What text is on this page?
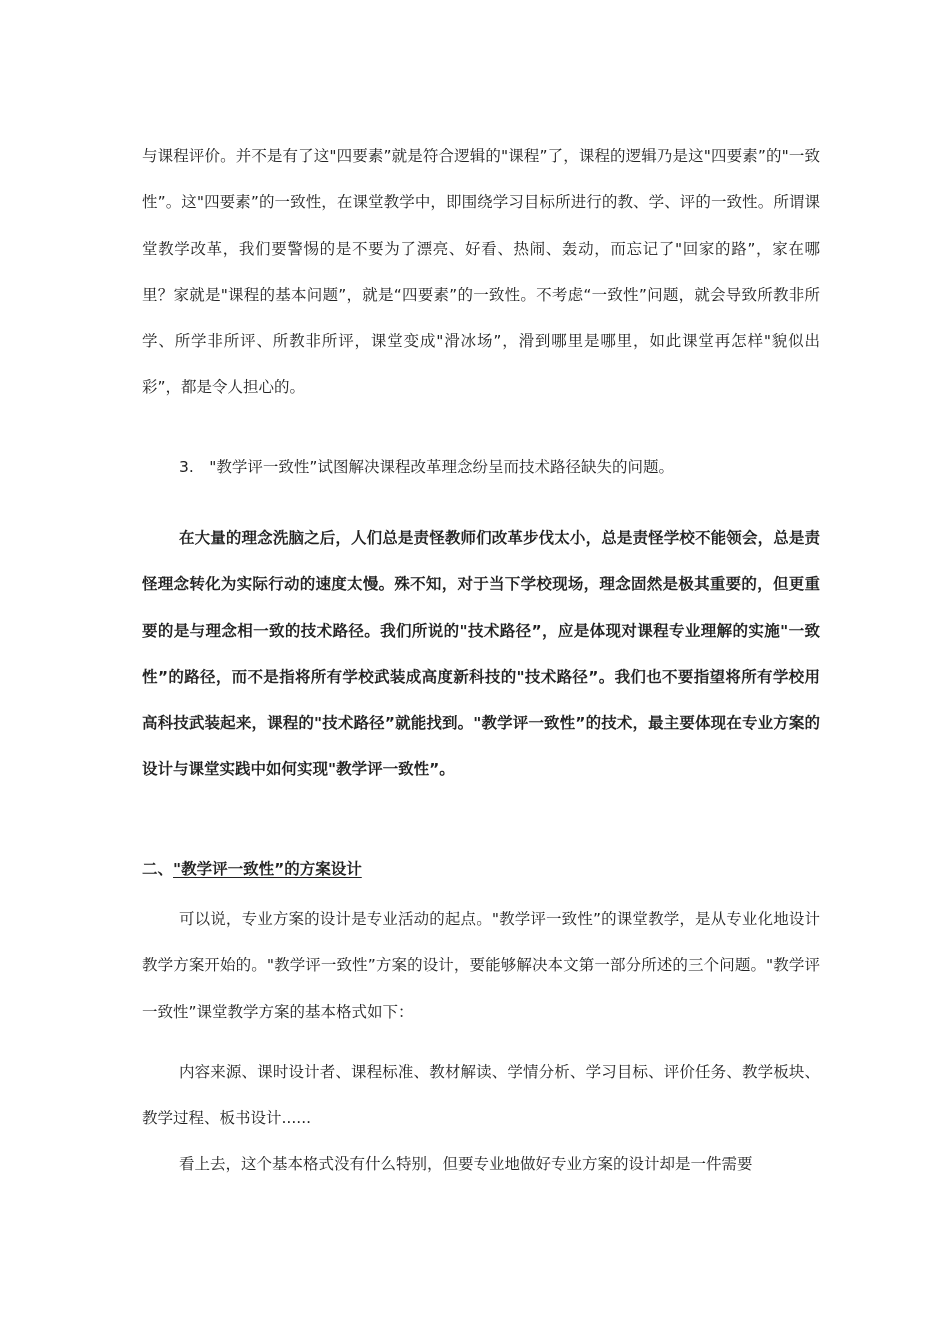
与课程评价。并不是有了这"四要素”就是符合逻辑的"课程”了，课程的逻辑乃是这"四要素”的"一致性”。这"四要素”的一致性，在课堂教学中，即围绕学习目标所进行的教、学、评的一致性。所谓课堂教学改革，我们要警惕的是不要为了漂亮、好看、热闹、轰动，而忘记了"回家的路”，家在哪里？家就是"课程的基本问题”，就是“四要素”的一致性。不考虑“一致性”问题，就会导致所教非所学、所学非所评、所教非所评，课堂变成"滑冰场”，滑到哪里是哪里，如此课堂再怎样"貌似出彩”，都是令人担心的。

3.　"教学评一致性”试图解决课程改革理念纷呈而技术路径缺失的问题。

在大量的理念洗脑之后，人们总是责怪教师们改革步伐太小，总是责怪学校不能领会，总是责怪理念转化为实际行动的速度太慢。殊不知，对于当下学校现场，理念固然是极其重要的，但更重要的是与理念相一致的技术路径。我们所说的"技术路径”，应是体现对课程专业理解的实施"一致性”的路径，而不是指将所有学校武装成高度新科技的"技术路径”。我们也不要指望将所有学校用高科技武装起来，课程的"技术路径”就能找到。"教学评一致性”的技术，最主要体现在专业方案的设计与课堂实践中如何实现"教学评一致性”。

二、"教学评一致性”的方案设计

可以说，专业方案的设计是专业活动的起点。"教学评一致性”的课堂教学，是从专业化地设计教学方案开始的。"教学评一致性”方案的设计，要能够解决本文第一部分所述的三个问题。"教学评一致性”课堂教学方案的基本格式如下：

内容来源、课时设计者、课程标准、教材解读、学情分析、学习目标、评价任务、教学板块、教学过程、板书设计......

看上去，这个基本格式没有什么特别，但要专业地做好专业方案的设计却是一件需要
